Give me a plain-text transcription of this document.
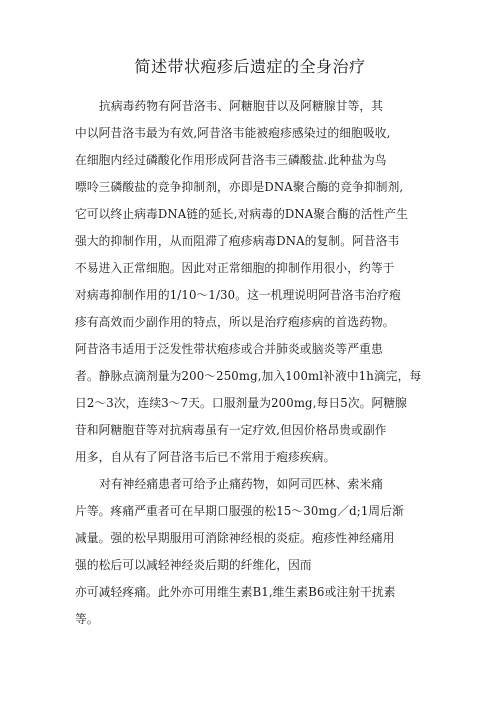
简述带状疱疹后遗症的全身治疗
抗病毒药物有阿昔洛韦、阿糖胞苷以及阿糖腺甘等，其
中以阿昔洛韦最为有效,阿昔洛韦能被疱疹感染过的细胞吸收,
在细胞内经过磷酸化作用形成阿昔洛韦三磷酸盐.此种盐为鸟
嘌呤三磷酸盐的竞争抑制剂，亦即是DNA聚合酶的竞争抑制剂,
它可以终止病毒DNA链的延长,对病毒的DNA聚合酶的活性产生
强大的抑制作用，从而阻滞了疱疹病毒DNA的复制。阿昔洛韦
不易进入正常细胞。因此对正常细胞的抑制作用很小，约等于
对病毒抑制作用的1/10～1/30。这一机理说明阿昔洛韦治疗疱
疹有高效而少副作用的特点，所以是治疗疱疹病的首选药物。
阿昔洛韦适用于泛发性带状疱疹或合并肺炎或脑炎等严重患
者。静脉点滴剂量为200～250mg,加入100ml补液中1h滴完，每
日2～3次，连续3～7天。口服剂量为200mg,每日5次。阿糖腺
苷和阿糖胞苷等对抗病毒虽有一定疗效,但因价格昂贵或副作
用多，自从有了阿昔洛韦后已不常用于疱疹疾病。
对有神经痛患者可给予止痛药物，如阿司匹林、索米痛
片等。疼痛严重者可在早期口服强的松15～30mg／d;1周后渐
减量。强的松早期服用可消除神经根的炎症。疱疹性神经痛用
强的松后可以减轻神经炎后期的纤维化，因而
亦可减轻疼痛。此外亦可用维生素B1,维生素B6或注射干扰素
等。
